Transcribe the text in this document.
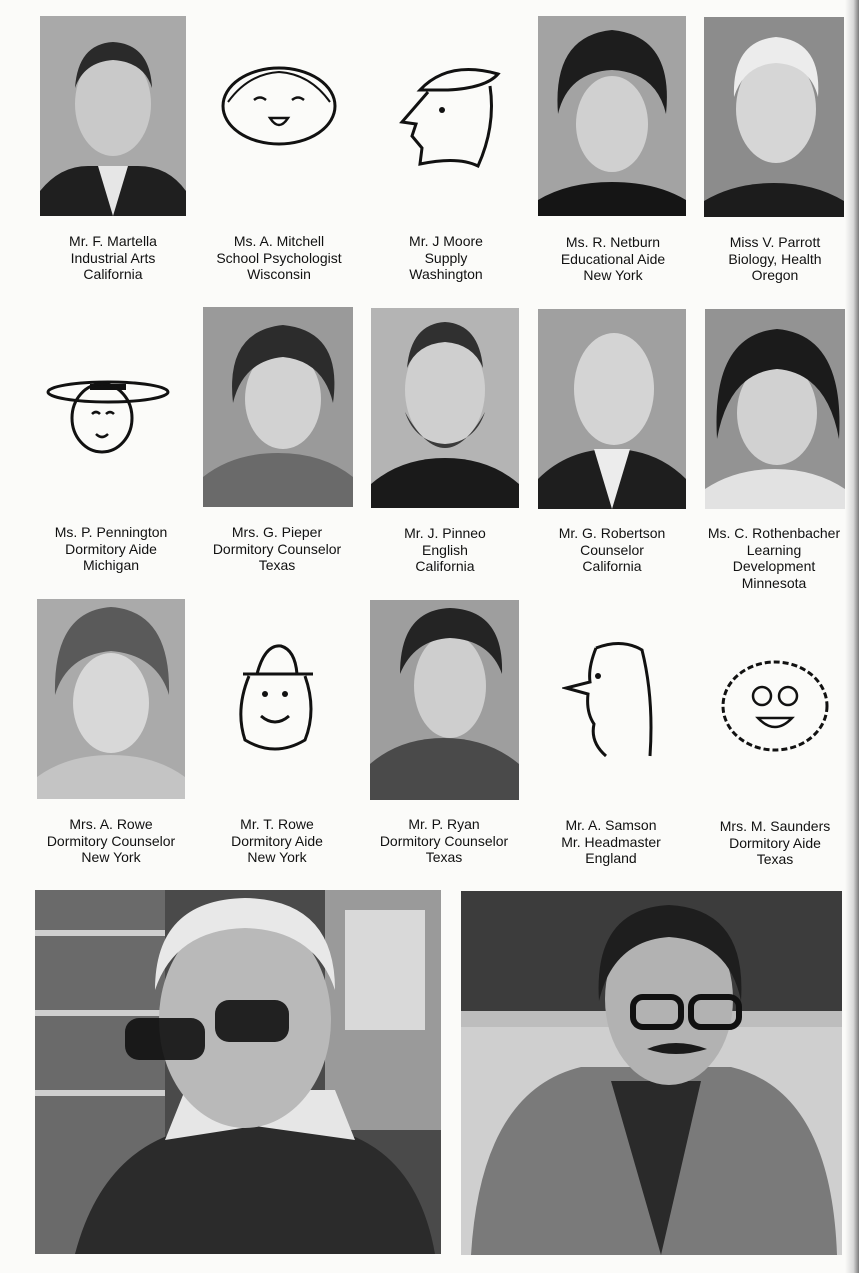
Mr. F. Martella
Industrial Arts
California
Ms. A. Mitchell
School Psychologist
Wisconsin
Mr. J Moore
Supply
Washington
Ms. R. Netburn
Educational Aide
New York
Miss V. Parrott
Biology, Health
Oregon
Ms. P. Pennington
Dormitory Aide
Michigan
Mrs. G. Pieper
Dormitory Counselor
Texas
Mr. J. Pinneo
English
California
Mr. G. Robertson
Counselor
California
Ms. C. Rothenbacher
Learning
Development
Minnesota
Mrs. A. Rowe
Dormitory Counselor
New York
Mr. T. Rowe
Dormitory Aide
New York
Mr. P. Ryan
Dormitory Counselor
Texas
Mr. A. Samson
Mr. Headmaster
England
Mrs. M. Saunders
Dormitory Aide
Texas
